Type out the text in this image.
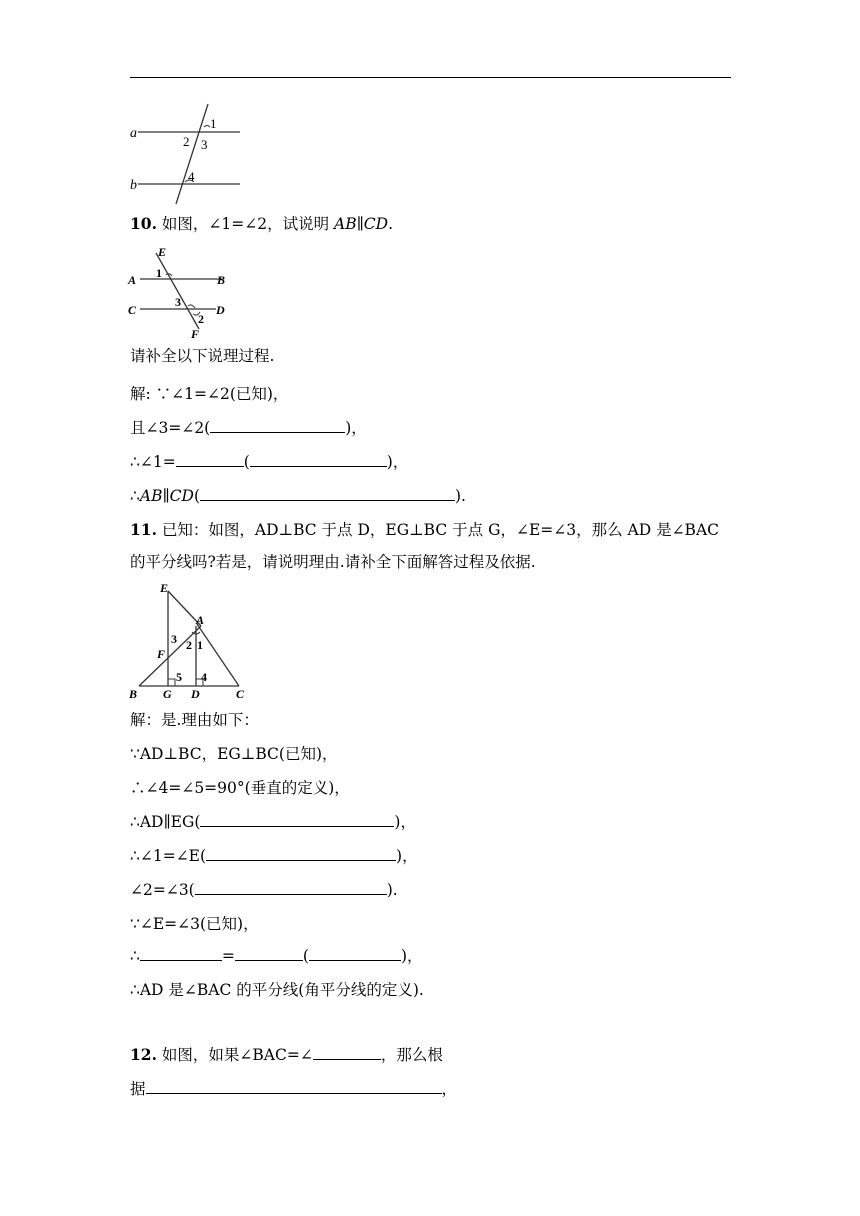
a
b
1
2 3
4
10. 如图，∠1=∠2，试说明 AB∥CD.
E
A	B
C	D
F
1
3
2
请补全以下说理过程.
解: ∵∠1=∠2(已知)，
且∠3=∠2(	)，
∴∠1=	(	)，
∴AB∥CD(	).
11. 已知：如图，AD⊥BC 于点 D，EG⊥BC 于点 G，∠E=∠3，那么 AD 是∠BAC
的平分线吗?若是，请说明理由.请补全下面解答过程及依据.
E
A
F
B G D	C
3 2 1
5 4
解：是.理由如下：
∵AD⊥BC，EG⊥BC(已知)，
∴∠4=∠5=90°(垂直的定义)，
∴AD∥EG(	)，
∴∠1=∠E(	)，
∠2=∠3(	).
∵∠E=∠3(已知)，
∴	=	(	)，
∴AD 是∠BAC 的平分线(角平分线的定义).
12. 如图，如果∠BAC=∠	，那么根
据	，
